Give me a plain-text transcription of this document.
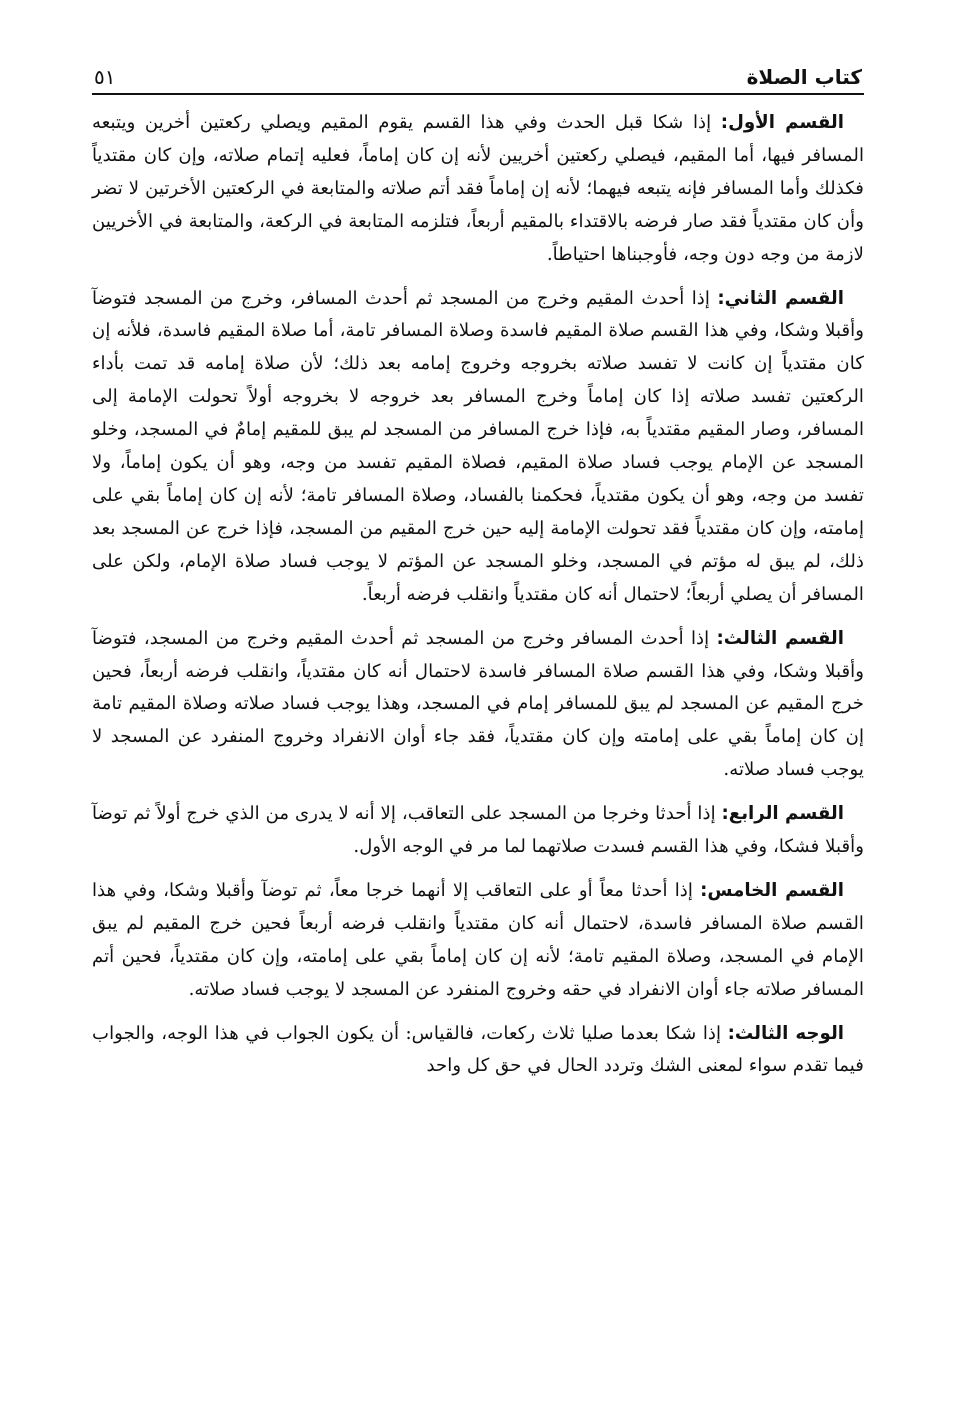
كتاب الصلاة
٥١

القسم الأول: إذا شكا قبل الحدث وفي هذا القسم يقوم المقيم ويصلي ركعتين أخرين ويتبعه المسافر فيها، أما المقيم، فيصلي ركعتين أخريين لأنه إن كان إماماً، فعليه إتمام صلاته، وإن كان مقتدياً فكذلك وأما المسافر فإنه يتبعه فيهما؛ لأنه إن إماماً فقد أتم صلاته والمتابعة في الركعتين الأخرتين لا تضر وأن كان مقتدياً فقد صار فرضه بالاقتداء بالمقيم أربعاً، فتلزمه المتابعة في الركعة، والمتابعة في الأخريين لازمة من وجه دون وجه، فأوجبناها احتياطاً.

القسم الثاني: إذا أحدث المقيم وخرج من المسجد ثم أحدث المسافر، وخرج من المسجد فتوضآ وأقبلا وشكا، وفي هذا القسم صلاة المقيم فاسدة وصلاة المسافر تامة، أما صلاة المقيم فاسدة، فلأنه إن كان مقتدياً إن كانت لا تفسد صلاته بخروجه وخروج إمامه بعد ذلك؛ لأن صلاة إمامه قد تمت بأداء الركعتين تفسد صلاته إذا كان إماماً وخرج المسافر بعد خروجه لا بخروجه أولاً تحولت الإمامة إلى المسافر، وصار المقيم مقتدياً به، فإذا خرج المسافر من المسجد لم يبق للمقيم إمامٌ في المسجد، وخلو المسجد عن الإمام يوجب فساد صلاة المقيم، فصلاة المقيم تفسد من وجه، وهو أن يكون إماماً، ولا تفسد من وجه، وهو أن يكون مقتدياً، فحكمنا بالفساد، وصلاة المسافر تامة؛ لأنه إن كان إماماً بقي على إمامته، وإن كان مقتدياً فقد تحولت الإمامة إليه حين خرج المقيم من المسجد، فإذا خرج عن المسجد بعد ذلك، لم يبق له مؤتم في المسجد، وخلو المسجد عن المؤتم لا يوجب فساد صلاة الإمام، ولكن على المسافر أن يصلي أربعاً؛ لاحتمال أنه كان مقتدياً وانقلب فرضه أربعاً.

القسم الثالث: إذا أحدث المسافر وخرج من المسجد ثم أحدث المقيم وخرج من المسجد، فتوضآ وأقبلا وشكا، وفي هذا القسم صلاة المسافر فاسدة لاحتمال أنه كان مقتدياً، وانقلب فرضه أربعاً، فحين خرج المقيم عن المسجد لم يبق للمسافر إمام في المسجد، وهذا يوجب فساد صلاته وصلاة المقيم تامة إن كان إماماً بقي على إمامته وإن كان مقتدياً، فقد جاء أوان الانفراد وخروج المنفرد عن المسجد لا يوجب فساد صلاته.

القسم الرابع: إذا أحدثا وخرجا من المسجد على التعاقب، إلا أنه لا يدرى من الذي خرج أولاً ثم توضآ وأقبلا فشكا، وفي هذا القسم فسدت صلاتهما لما مر في الوجه الأول.

القسم الخامس: إذا أحدثا معاً أو على التعاقب إلا أنهما خرجا معاً، ثم توضآ وأقبلا وشكا، وفي هذا القسم صلاة المسافر فاسدة، لاحتمال أنه كان مقتدياً وانقلب فرضه أربعاً فحين خرج المقيم لم يبق الإمام في المسجد، وصلاة المقيم تامة؛ لأنه إن كان إماماً بقي على إمامته، وإن كان مقتدياً، فحين أتم المسافر صلاته جاء أوان الانفراد في حقه وخروج المنفرد عن المسجد لا يوجب فساد صلاته.

الوجه الثالث: إذا شكا بعدما صليا ثلاث ركعات، فالقياس: أن يكون الجواب في هذا الوجه، والجواب فيما تقدم سواء لمعنى الشك وتردد الحال في حق كل واحد
